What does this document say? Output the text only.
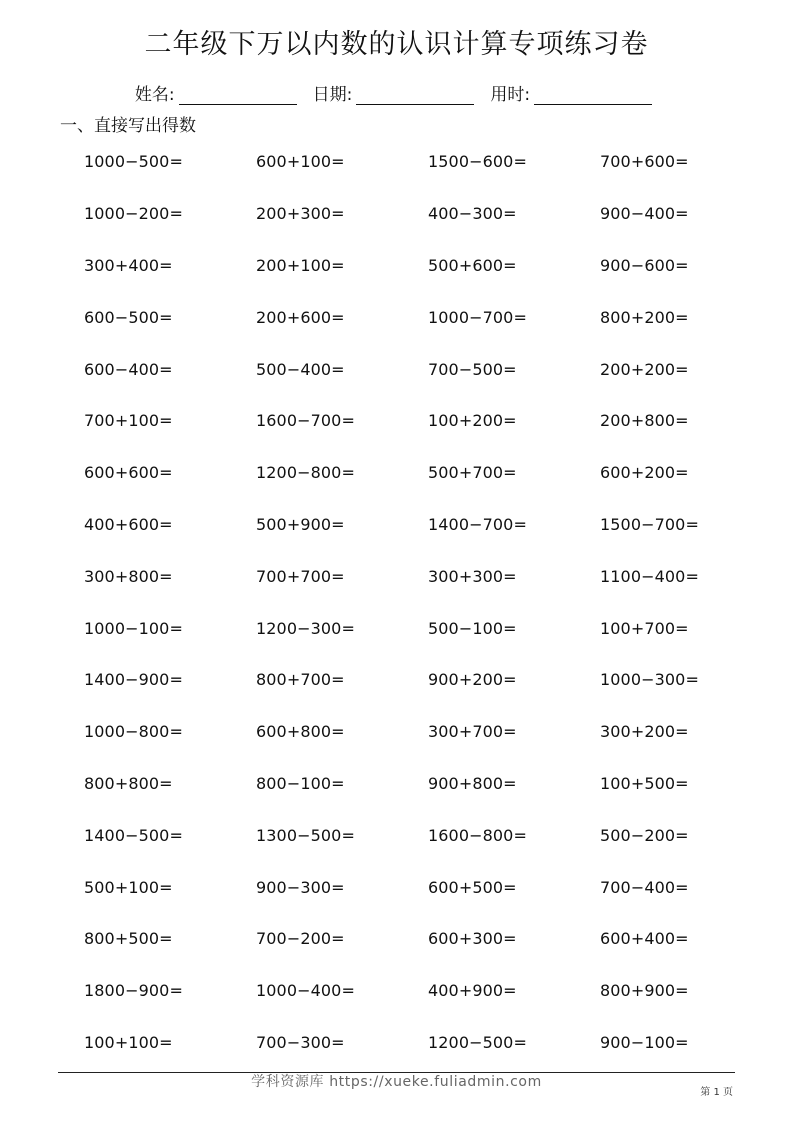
二年级下万以内数的认识计算专项练习卷
姓名:	日期:	用时:
一、直接写出得数
1000−500=	600+100=	1500−600=	700+600=
1000−200=	200+300=	400−300=	900−400=
300+400=	200+100=	500+600=	900−600=
600−500=	200+600=	1000−700=	800+200=
600−400=	500−400=	700−500=	200+200=
700+100=	1600−700=	100+200=	200+800=
600+600=	1200−800=	500+700=	600+200=
400+600=	500+900=	1400−700=	1500−700=
300+800=	700+700=	300+300=	1100−400=
1000−100=	1200−300=	500−100=	100+700=
1400−900=	800+700=	900+200=	1000−300=
1000−800=	600+800=	300+700=	300+200=
800+800=	800−100=	900+800=	100+500=
1400−500=	1300−500=	1600−800=	500−200=
500+100=	900−300=	600+500=	700−400=
800+500=	700−200=	600+300=	600+400=
1800−900=	1000−400=	400+900=	800+900=
100+100=	700−300=	1200−500=	900−100=
学科资源库 https://xueke.fuliadmin.com
第 1 页
